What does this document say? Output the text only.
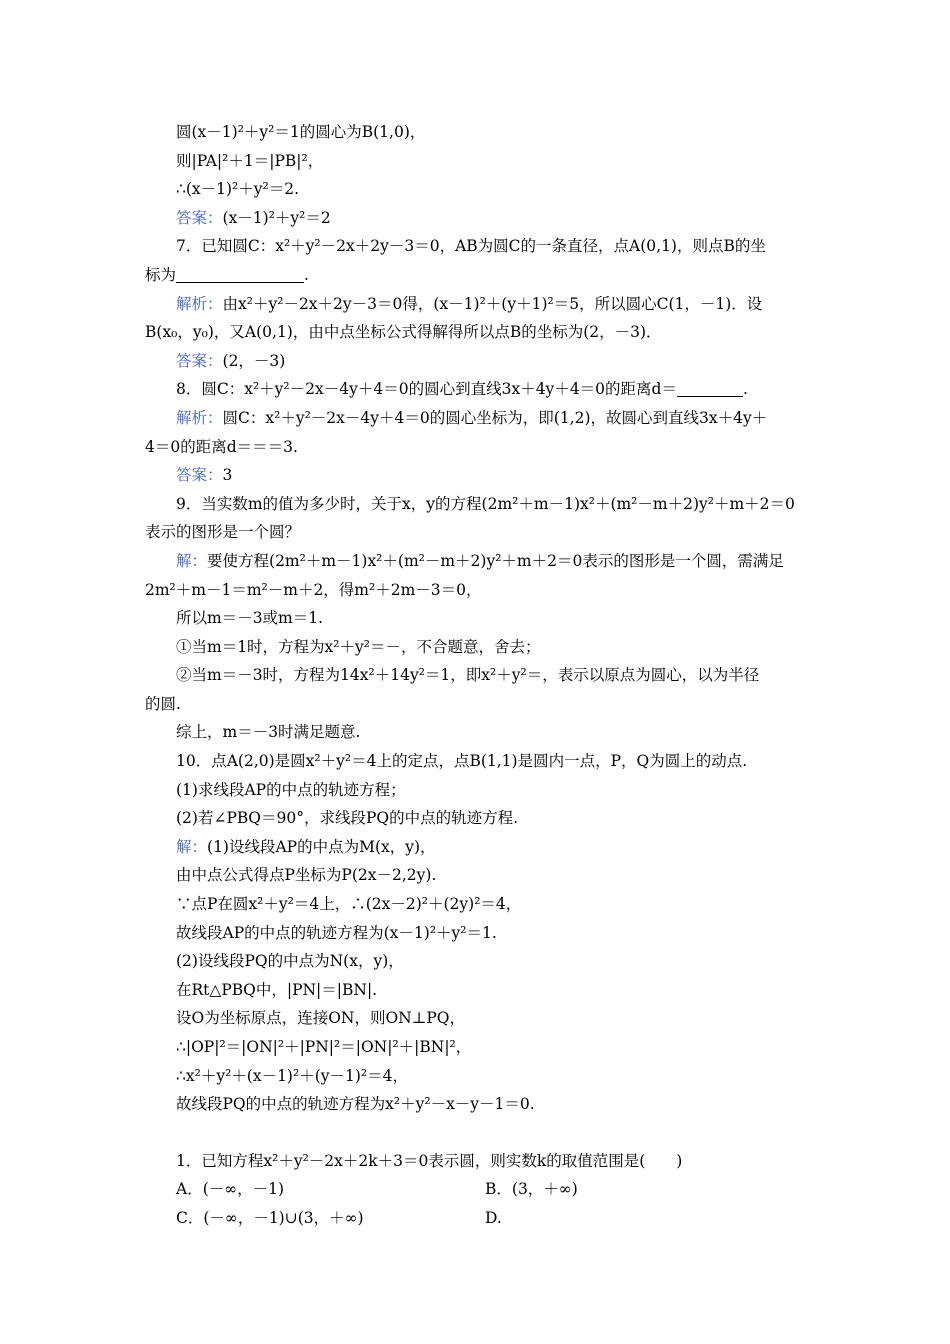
圆(x－1)²＋y²＝1的圆心为B(1,0)，
则|PA|²＋1＝|PB|²，
∴(x－1)²＋y²＝2.
答案：(x－1)²＋y²＝2
7．已知圆C：x²＋y²－2x＋2y－3＝0，AB为圆C的一条直径，点A(0,1)，则点B的坐
标为	.
解析：由x²＋y²－2x＋2y－3＝0得，(x－1)²＋(y＋1)²＝5，所以圆心C(1，－1)．设
B(x₀，y₀)，又A(0,1)，由中点坐标公式得解得所以点B的坐标为(2，－3)．
答案：(2，－3)
8．圆C：x²＋y²－2x－4y＋4＝0的圆心到直线3x＋4y＋4＝0的距离d＝	.
解析：圆C：x²＋y²－2x－4y＋4＝0的圆心坐标为，即(1,2)，故圆心到直线3x＋4y＋
4＝0的距离d＝＝＝3.
答案：3
9．当实数m的值为多少时，关于x，y的方程(2m²＋m－1)x²＋(m²－m＋2)y²＋m＋2＝0
表示的图形是一个圆？
解：要使方程(2m²＋m－1)x²＋(m²－m＋2)y²＋m＋2＝0表示的图形是一个圆，需满足
2m²＋m－1＝m²－m＋2，得m²＋2m－3＝0，
所以m＝－3或m＝1.
①当m＝1时，方程为x²＋y²＝－，不合题意，舍去；
②当m＝－3时，方程为14x²＋14y²＝1，即x²＋y²＝，表示以原点为圆心，以为半径
的圆.
综上，m＝－3时满足题意.
10．点A(2,0)是圆x²＋y²＝4上的定点，点B(1,1)是圆内一点，P，Q为圆上的动点.
(1)求线段AP的中点的轨迹方程；
(2)若∠PBQ＝90°，求线段PQ的中点的轨迹方程.
解：(1)设线段AP的中点为M(x，y)，
由中点公式得点P坐标为P(2x－2,2y).
∵点P在圆x²＋y²＝4上，∴(2x－2)²＋(2y)²＝4，
故线段AP的中点的轨迹方程为(x－1)²＋y²＝1.
(2)设线段PQ的中点为N(x，y)，
在Rt△PBQ中，|PN|＝|BN|.
设O为坐标原点，连接ON，则ON⊥PQ，
∴|OP|²＝|ON|²＋|PN|²＝|ON|²＋|BN|²，
∴x²＋y²＋(x－1)²＋(y－1)²＝4，
故线段PQ的中点的轨迹方程为x²＋y²－x－y－1＝0.
1．已知方程x²＋y²－2x＋2k＋3＝0表示圆，则实数k的取值范围是(　　)
A．(－∞，－1)	B．(3，＋∞)
C．(－∞，－1)∪(3，＋∞)	D.
